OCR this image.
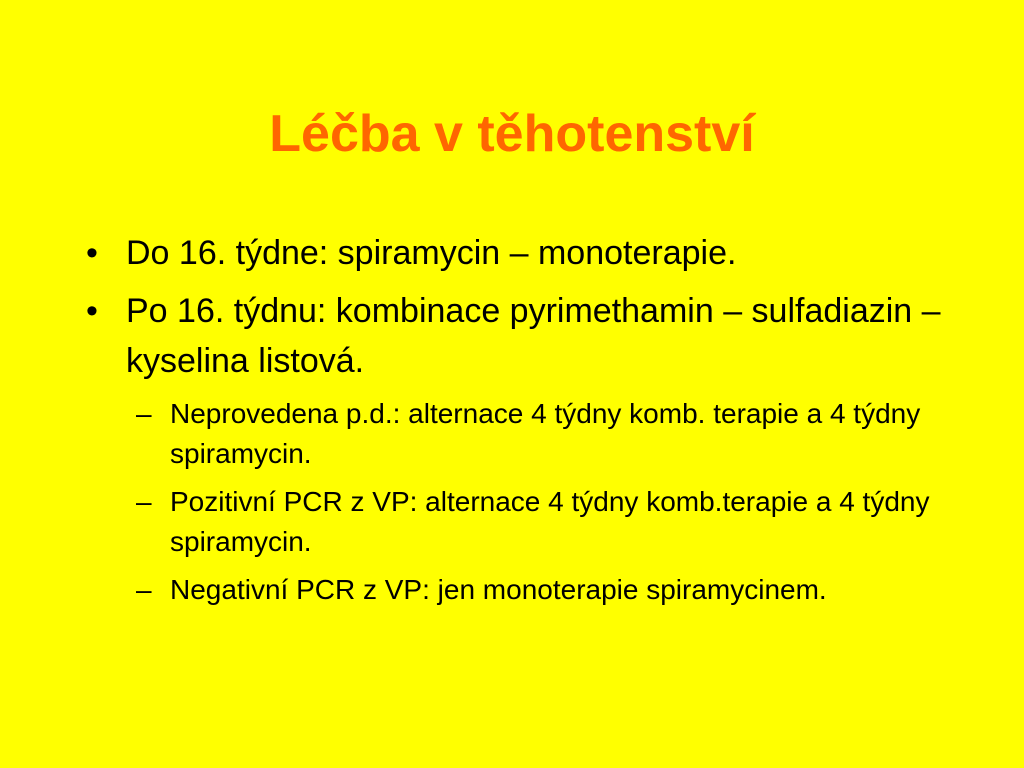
Léčba v těhotenství
• Do 16. týdne: spiramycin – monoterapie.
• Po 16. týdnu: kombinace pyrimethamin – sulfadiazin – kyselina listová.
– Neprovedena p.d.: alternace 4 týdny komb. terapie a 4 týdny spiramycin.
– Pozitivní PCR z VP: alternace 4 týdny komb.terapie a 4 týdny spiramycin.
– Negativní PCR z VP: jen monoterapie spiramycinem.
